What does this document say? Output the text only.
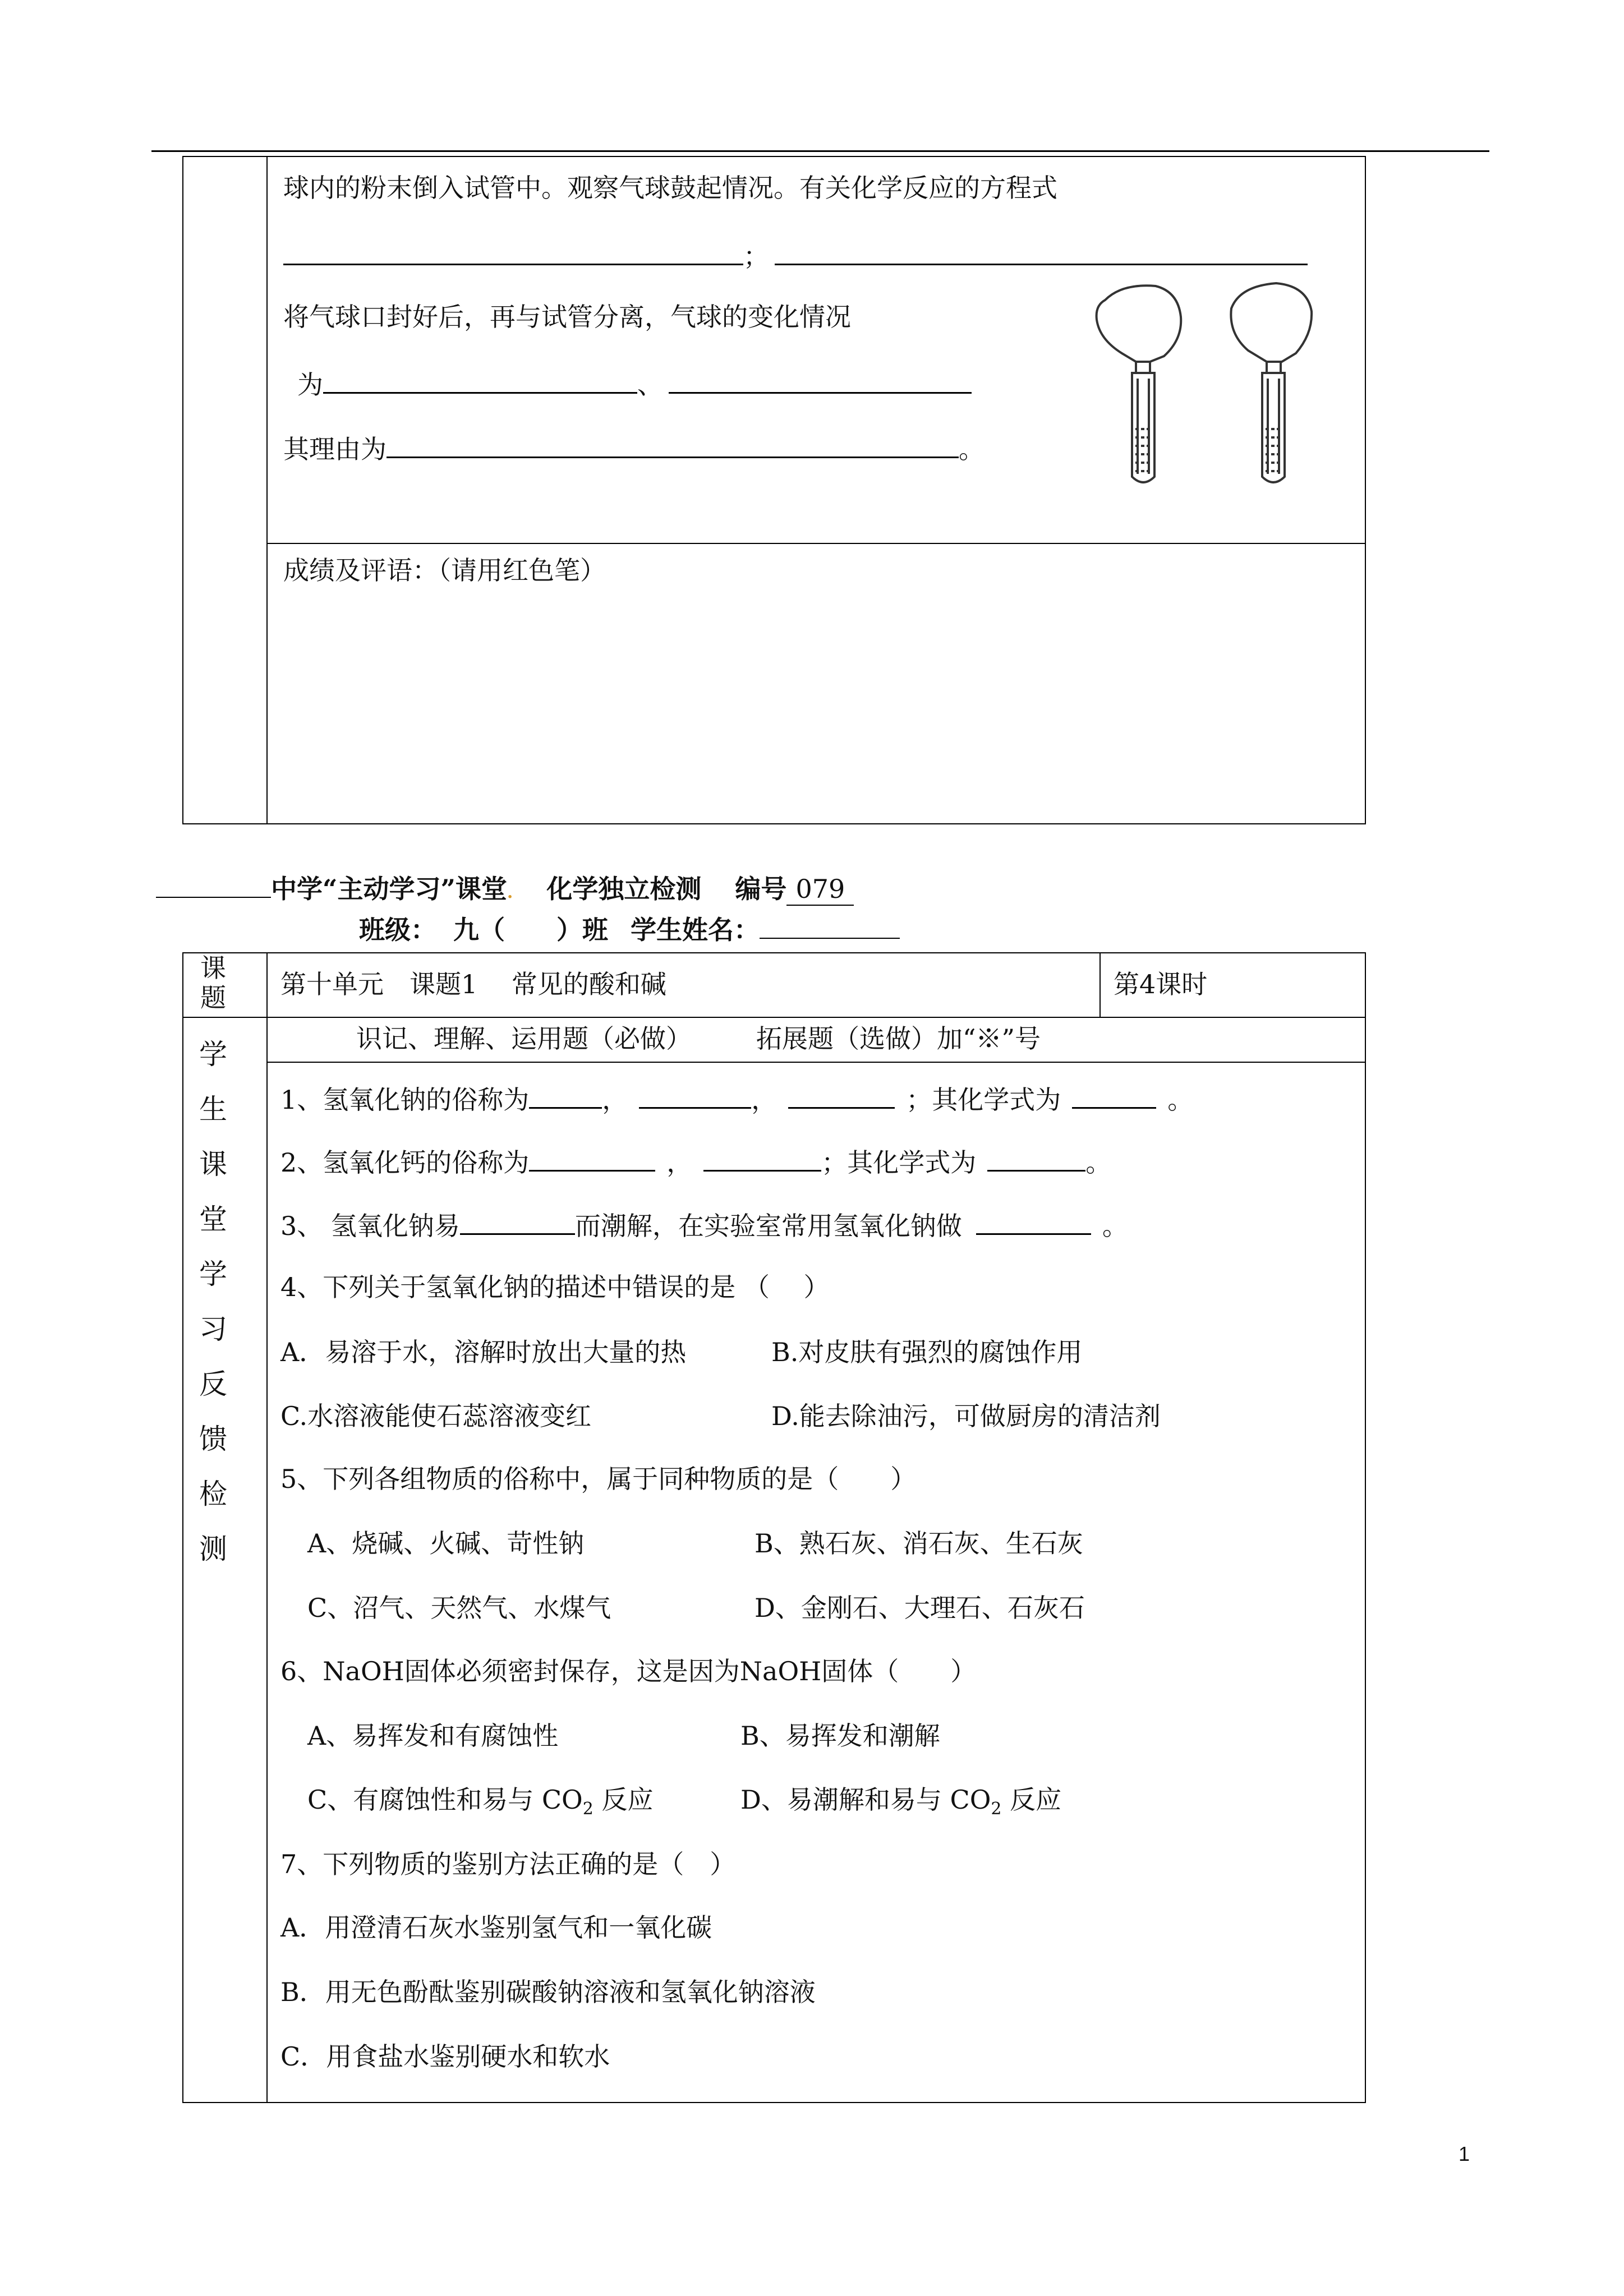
球内的粉末倒入试管中。观察气球鼓起情况。有关化学反应的方程式
；
将气球口封好后，再与试管分离，气球的变化情况
为	、
其理由为	。
成绩及评语：（请用红色笔）
中学“主动学习”课堂. 化学独立检测 编号 079
班级： 九（　　）班 学生姓名：
课题	第十单元　课题1　 常见的酸和碱	第4课时
识记、理解、运用题（必做）　　　拓展题（选做）加“※”号
学
生
课
堂
学
习
反
馈
检
测
1、氢氧化钠的俗称为	，	，	；其化学式为	。
2、氢氧化钙的俗称为	，	；其化学式为	。
3、 氢氧化钠易	而潮解，在实验室常用氢氧化钠做	。
4、下列关于氢氧化钠的描述中错误的是 （　 ）
A．易溶于水，溶解时放出大量的热	B.对皮肤有强烈的腐蚀作用
C.水溶液能使石蕊溶液变红	D.能去除油污，可做厨房的清洁剂
5、下列各组物质的俗称中，属于同种物质的是（　　）
A、烧碱、火碱、苛性钠	B、熟石灰、消石灰、生石灰
C、沼气、天然气、水煤气	D、金刚石、大理石、石灰石
6、NaOH固体必须密封保存，这是因为NaOH固体（　　）
A、易挥发和有腐蚀性	B、易挥发和潮解
C、有腐蚀性和易与 $CO_2$ 反应	D、易潮解和易与 $CO_2$ 反应
7、下列物质的鉴别方法正确的是（　）
A．用澄清石灰水鉴别氢气和一氧化碳
B．用无色酚酞鉴别碳酸钠溶液和氢氧化钠溶液
C．用食盐水鉴别硬水和软水
1
